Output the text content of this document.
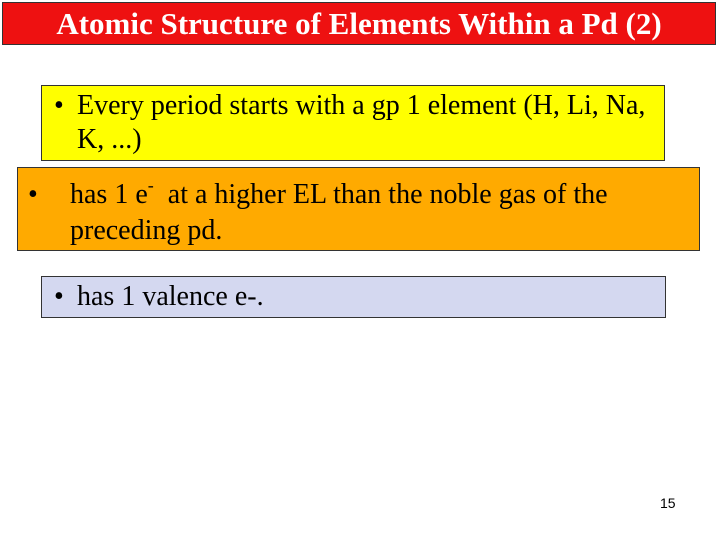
Atomic Structure of Elements Within a Pd (2)
• Every period starts with a gp 1 element (H, Li, Na, K, ...)
• has 1 e-  at a higher EL than the noble gas of the preceding pd.
• has 1 valence e-.
15
